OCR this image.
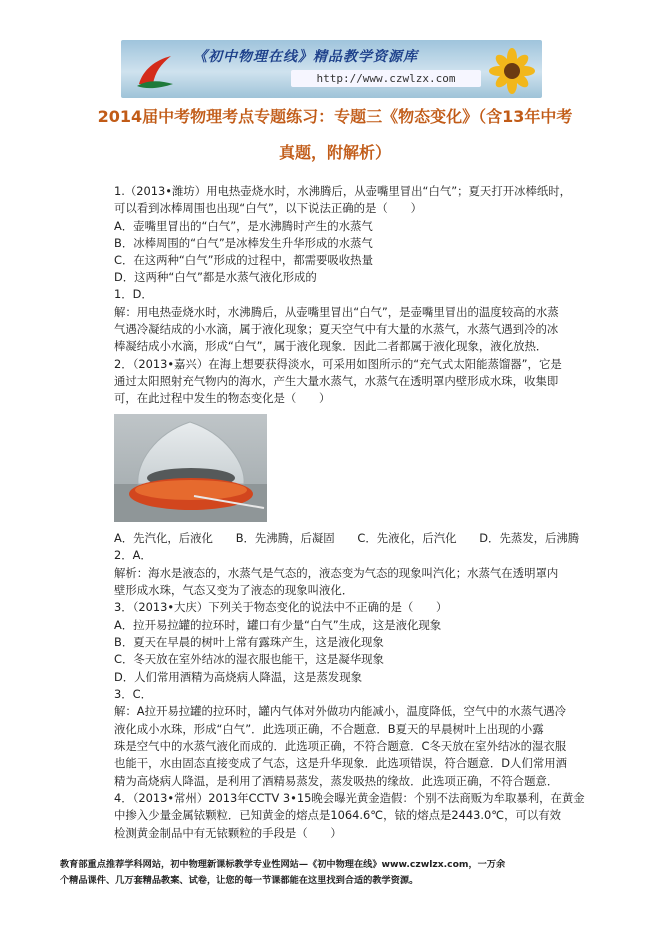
《初中物理在线》精品教学资源库
http://www.czwlzx.com
2014届中考物理考点专题练习：专题三《物态变化》（含13年中考
真题，附解析）
1.（2013•潍坊）用电热壶烧水时，水沸腾后，从壶嘴里冒出“白气”；夏天打开冰棒纸时，
可以看到冰棒周围也出现“白气”，以下说法正确的是（　　）
A．壶嘴里冒出的“白气”，是水沸腾时产生的水蒸气
B．冰棒周围的“白气”是冰棒发生升华形成的水蒸气
C．在这两种“白气”形成的过程中，都需要吸收热量
D．这两种“白气”都是水蒸气液化形成的
1．D．
解：用电热壶烧水时，水沸腾后，从壶嘴里冒出“白气”，是壶嘴里冒出的温度较高的水蒸
气遇冷凝结成的小水滴，属于液化现象；夏天空气中有大量的水蒸气，水蒸气遇到冷的冰
棒凝结成小水滴，形成“白气”，属于液化现象．因此二者都属于液化现象，液化放热．
2．（2013•嘉兴）在海上想要获得淡水，可采用如图所示的“充气式太阳能蒸馏器”，它是
通过太阳照射充气物内的海水，产生大量水蒸气，水蒸气在透明罩内壁形成水珠，收集即
可，在此过程中发生的物态变化是（　　）
A．先汽化，后液化　　B．先沸腾，后凝固　　C．先液化，后汽化　　D．先蒸发，后沸腾
2．A．
解析：海水是液态的，水蒸气是气态的，液态变为气态的现象叫汽化；水蒸气在透明罩内
壁形成水珠，气态又变为了液态的现象叫液化．
3．（2013•大庆）下列关于物态变化的说法中不正确的是（　　）
A．拉开易拉罐的拉环时，罐口有少量“白气”生成，这是液化现象
B．夏天在早晨的树叶上常有露珠产生，这是液化现象
C．冬天放在室外结冰的湿衣服也能干，这是凝华现象
D．人们常用酒精为高烧病人降温，这是蒸发现象
3．C．
解：A拉开易拉罐的拉环时，罐内气体对外做功内能减小，温度降低，空气中的水蒸气遇冷
液化成小水珠，形成“白气”．此选项正确，不合题意．B夏天的早晨树叶上出现的小露
珠是空气中的水蒸气液化而成的．此选项正确，不符合题意．C冬天放在室外结冰的湿衣服
也能干，水由固态直接变成了气态，这是升华现象．此选项错误，符合题意．D人们常用酒
精为高烧病人降温，是利用了酒精易蒸发，蒸发吸热的缘故．此选项正确，不符合题意．
4．（2013•常州）2013年CCTV 3•15晚会曝光黄金造假：个别不法商贩为牟取暴利，在黄金
中掺入少量金属铱颗粒．已知黄金的熔点是1064.6℃，铱的熔点是2443.0℃，可以有效
检测黄金制品中有无铱颗粒的手段是（　　）
教育部重点推荐学科网站，初中物理新课标教学专业性网站—《初中物理在线》www.czwlzx.com，一万余
个精品课件、几万套精品教案、试卷，让您的每一节课都能在这里找到合适的教学资源。
